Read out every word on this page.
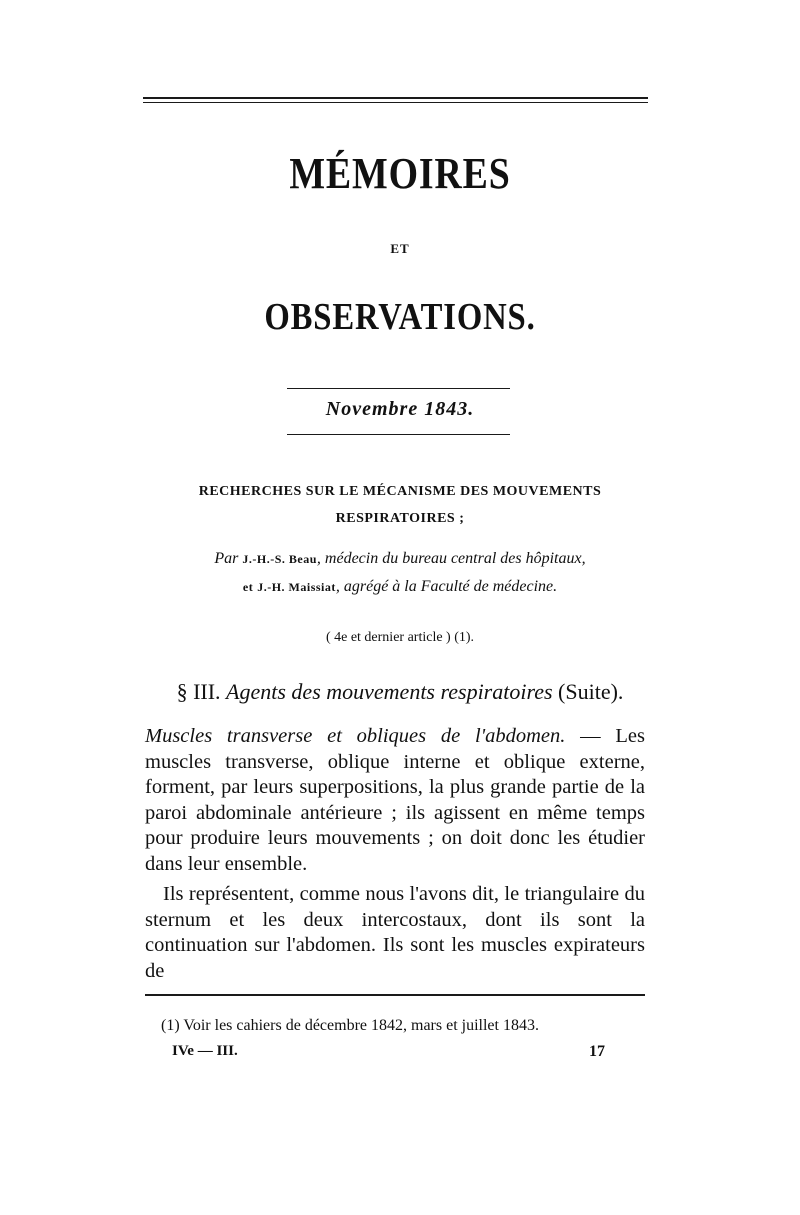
MÉMOIRES
ET
OBSERVATIONS.
Novembre 1843.
RECHERCHES SUR LE MÉCANISME DES MOUVEMENTS
RESPIRATOIRES ;
Par J.-H.-S. Beau, médecin du bureau central des hôpitaux,
et J.-H. Maissiat, agrégé à la Faculté de médecine.
( 4e et dernier article ) (1).
§ III. Agents des mouvements respiratoires (Suite).

Muscles transverse et obliques de l'abdomen. — Les muscles transverse, oblique interne et oblique externe, forment, par leurs superpositions, la plus grande partie de la paroi abdominale antérieure ; ils agissent en même temps pour produire leurs mouvements ; on doit donc les étudier dans leur ensemble.

Ils représentent, comme nous l'avons dit, le triangulaire du sternum et les deux intercostaux, dont ils sont la continuation sur l'abdomen. Ils sont les muscles expirateurs de

(1) Voir les cahiers de décembre 1842, mars et juillet 1843.
IVe — III.	17
